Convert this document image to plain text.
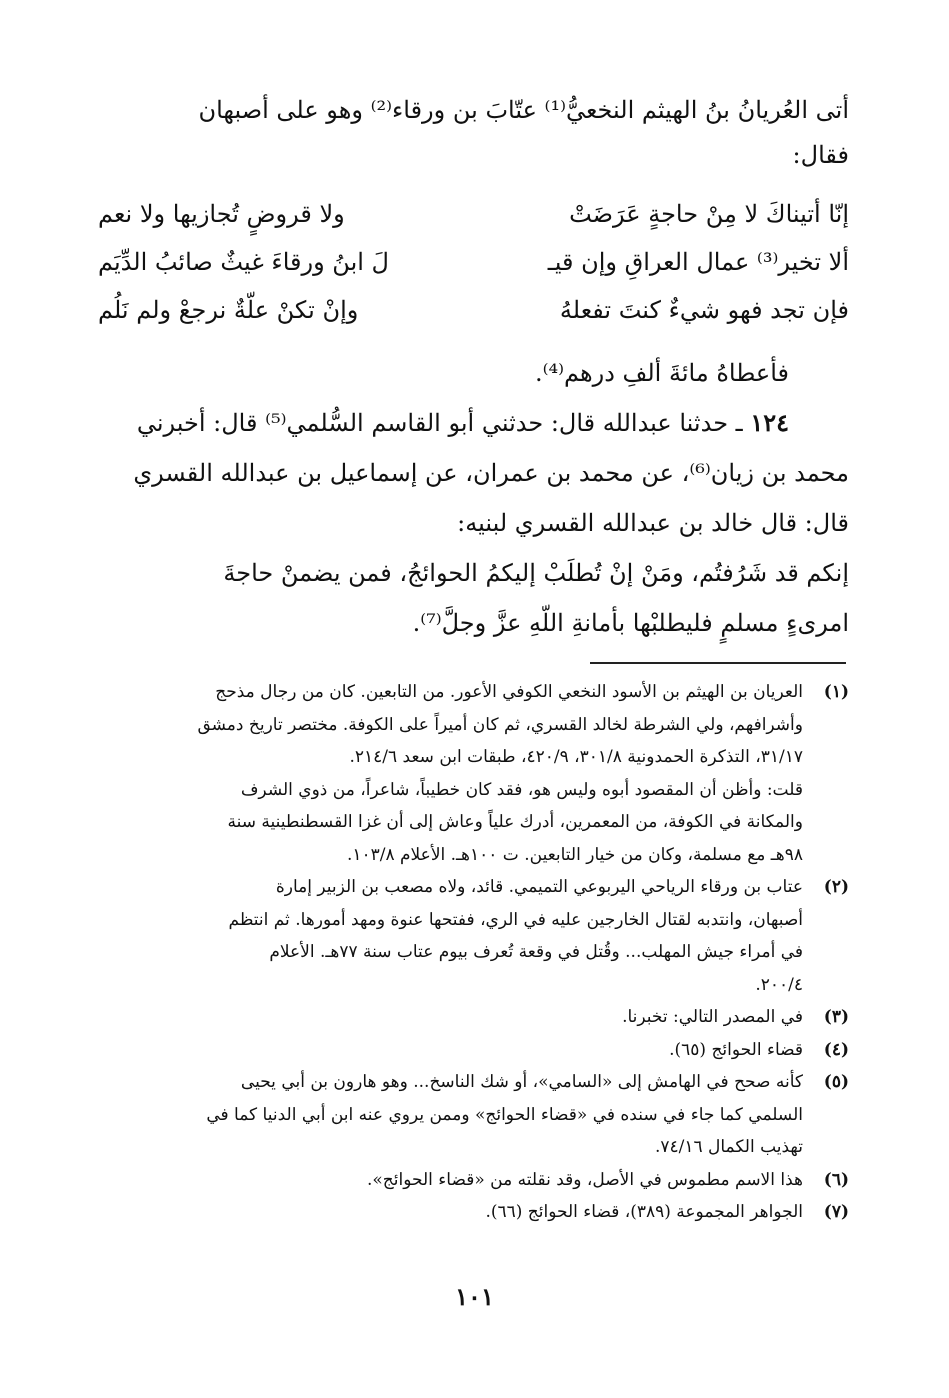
أتى العُريانُ بنُ الهيثم النخعيُّ⁽¹⁾ عتّابَ بن ورقاء⁽²⁾ وهو على أصبهان

فقال:

إنّا أتيناكَ لا مِنْ حاجةٍ عَرَضَتْ
ولا قروضٍ تُجازيها ولا نعم
ألا تخير⁽³⁾ عمال العراقِ وإن قيـ
لَ ابنُ ورقاءَ غيثٌ صائبُ الدِّيَم
فإن تجد فهو شيءٌ كنتَ تفعلهُ
وإنْ تكنْ علّةٌ نرجعْ ولم نَلُم

فأعطاهُ مائةَ ألفِ درهم⁽⁴⁾.

١٢٤ ـ حدثنا عبدالله قال: حدثني أبو القاسم السُّلمي⁽⁵⁾ قال: أخبرني

محمد بن زيان⁽⁶⁾، عن محمد بن عمران، عن إسماعيل بن عبدالله القسري

قال: قال خالد بن عبدالله القسري لبنيه:

إنكم قد شَرُفتُم، ومَنْ إنْ تُطلَبْ إليكمُ الحوائجُ، فمن يضمنْ حاجةَ

امرىءٍ مسلمٍ فليطلبْها بأمانةِ اللّهِ عزَّ وجلَّ⁽⁷⁾.

(١)
العريان بن الهيثم بن الأسود النخعي الكوفي الأعور. من التابعين. كان من رجال مذحج
وأشرافهم، ولي الشرطة لخالد القسري، ثم كان أميراً على الكوفة. مختصر تاريخ دمشق
٣١/١٧، التذكرة الحمدونية ٣٠١/٨، ٤٢٠/٩، طبقات ابن سعد ٢١٤/٦.
قلت: وأظن أن المقصود أبوه وليس هو، فقد كان خطيباً، شاعراً، من ذوي الشرف
والمكانة في الكوفة، من المعمرين، أدرك علياً وعاش إلى أن غزا القسطنطينية سنة
٩٨هـ مع مسلمة، وكان من خيار التابعين. ت ١٠٠هـ. الأعلام ١٠٣/٨.
(٢)
عتاب بن ورقاء الرياحي اليربوعي التميمي. قائد، ولاه مصعب بن الزبير إمارة
أصبهان، وانتدبه لقتال الخارجين عليه في الري، ففتحها عنوة ومهد أمورها. ثم انتظم
في أمراء جيش المهلب... وقُتل في وقعة تُعرف بيوم عتاب سنة ٧٧هـ. الأعلام
٢٠٠/٤.
(٣)
في المصدر التالي: تخبرنا.
(٤)
قضاء الحوائج (٦٥).
(٥)
كأنه صحح في الهامش إلى «السامي»، أو شك الناسخ... وهو هارون بن أبي يحيى
السلمي كما جاء في سنده في «قضاء الحوائج» وممن يروي عنه ابن أبي الدنيا كما في
تهذيب الكمال ٧٤/١٦.
(٦)
هذا الاسم مطموس في الأصل، وقد نقلته من «قضاء الحوائج».
(٧)
الجواهر المجموعة (٣٨٩)، قضاء الحوائج (٦٦).
١٠١
